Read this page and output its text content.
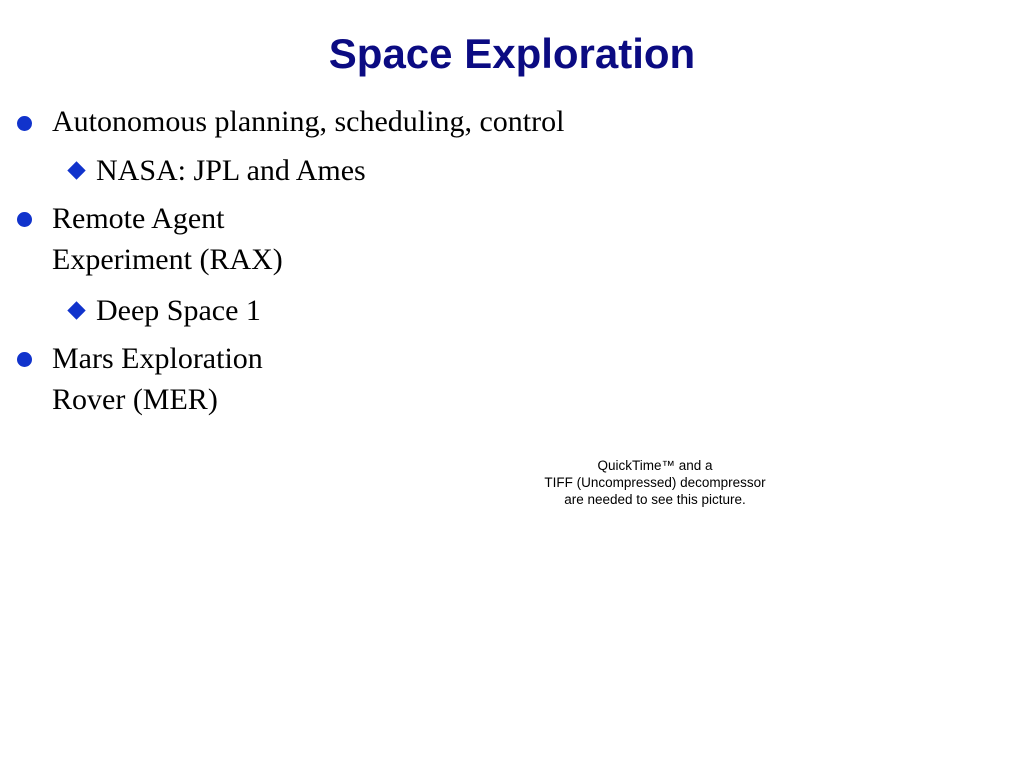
Space Exploration
Autonomous planning, scheduling, control
NASA: JPL and Ames
Remote Agent
Experiment (RAX)
Deep Space 1
Mars Exploration
Rover (MER)
QuickTime™ and a
TIFF (Uncompressed) decompressor
are needed to see this picture.
